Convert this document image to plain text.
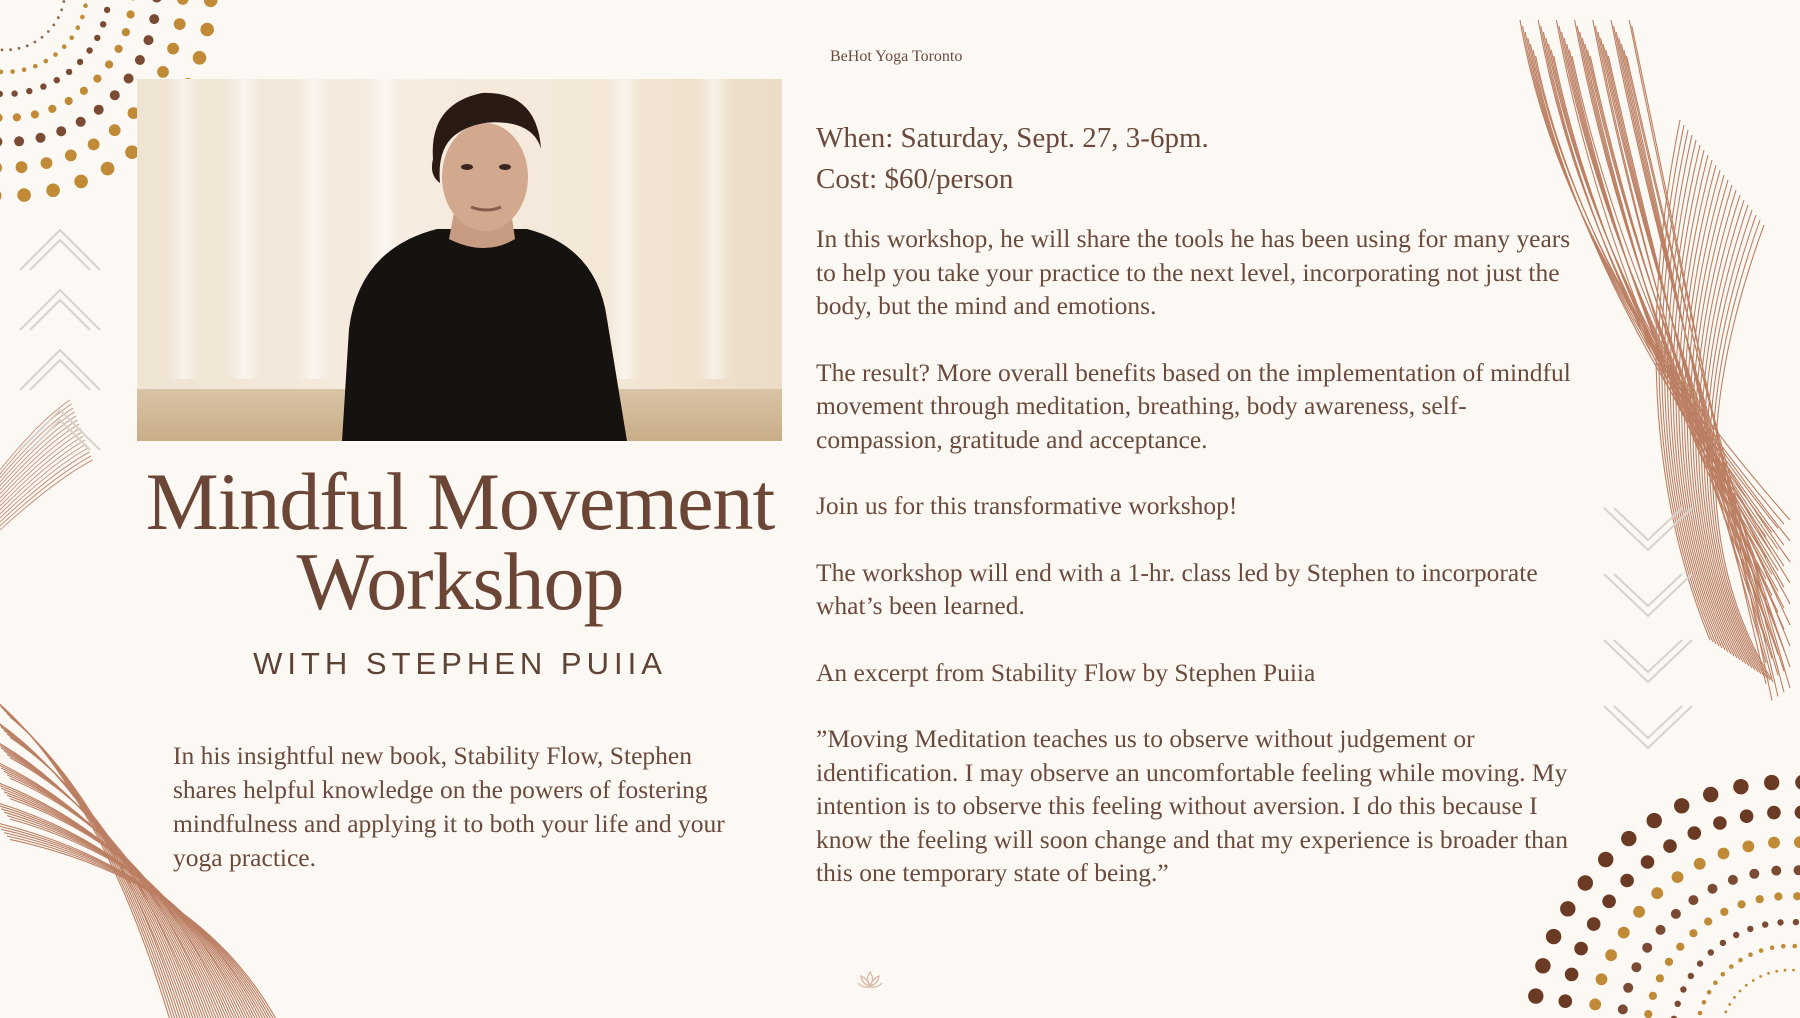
BeHot Yoga Toronto
Mindful Movement
Workshop
WITH STEPHEN PUIIA
In his insightful new book, Stability Flow, Stephen shares helpful knowledge on the powers of fostering mindfulness and applying it to both your life and your yoga practice.
When: Saturday, Sept. 27, 3-6pm.
Cost: $60/person

In this workshop, he will share the tools he has been using for many years to help you take your practice to the next level, incorporating not just the body, but the mind and emotions.

The result? More overall benefits based on the implementation of mindful movement through meditation, breathing, body awareness, self-compassion, gratitude and acceptance.

Join us for this transformative workshop!

The workshop will end with a 1-hr. class led by Stephen to incorporate what’s been learned.

An excerpt from Stability Flow by Stephen Puiia

”Moving Meditation teaches us to observe without judgement or identification. I may observe an uncomfortable feeling while moving. My intention is to observe this feeling without aversion. I do this because I know the feeling will soon change and that my experience is broader than this one temporary state of being.”
